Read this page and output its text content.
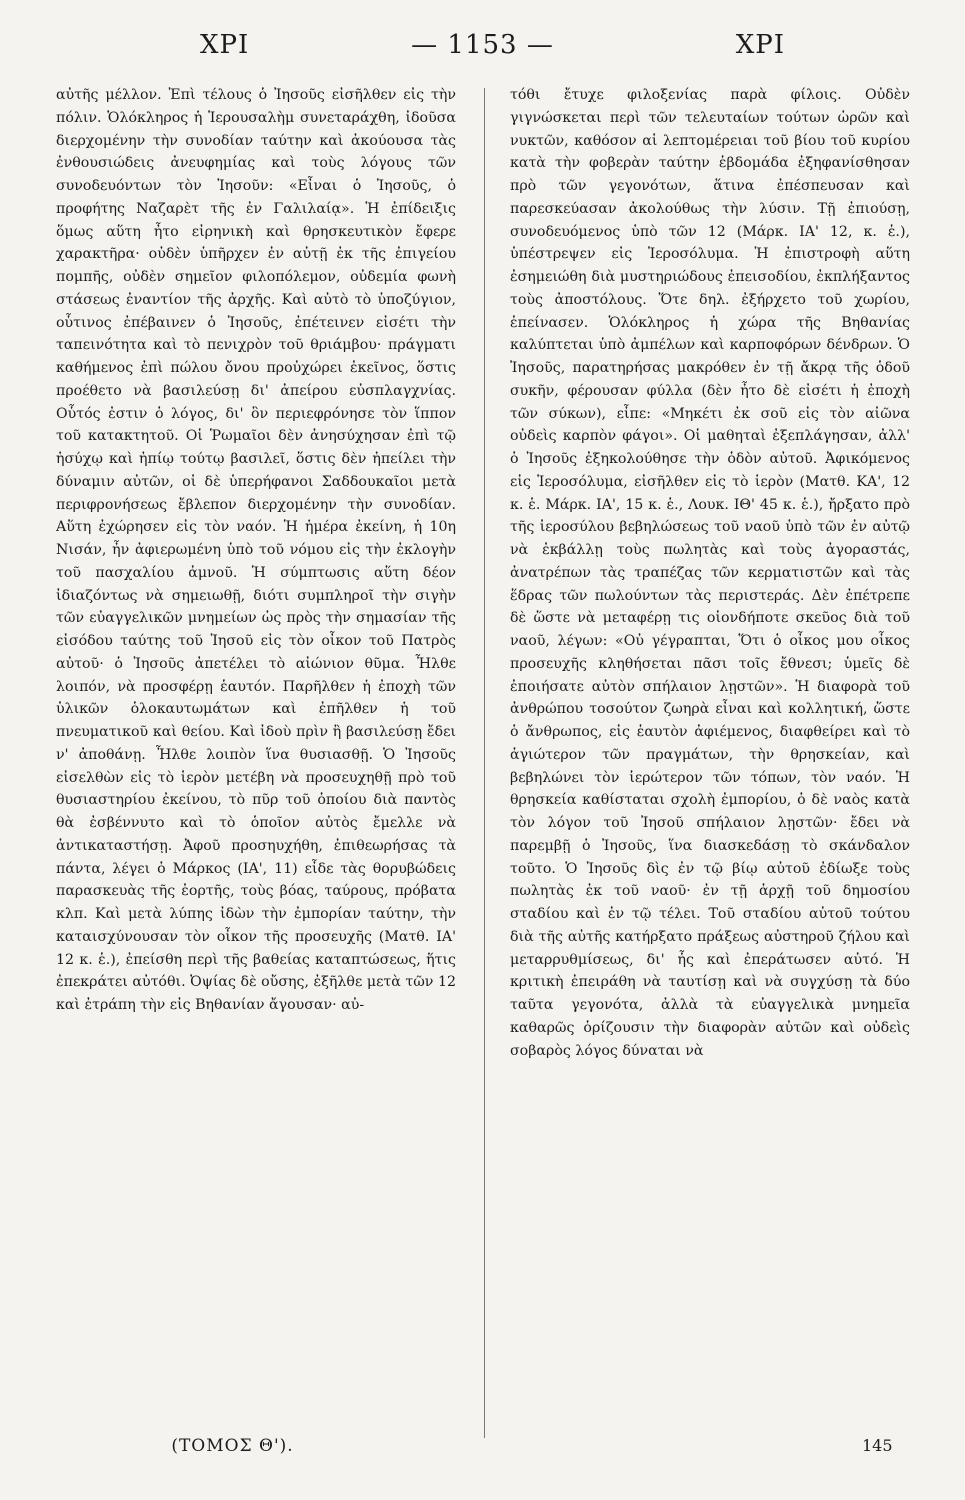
ΧΡΙ	— 1153 —	ΧΡΙ

αὐτῆς μέλλον. Ἐπὶ τέλους ὁ Ἰησοῦς εἰσῆλθεν εἰς τὴν πόλιν. Ὁλόκληρος ἡ Ἱερουσαλὴμ συνεταράχθη, ἰδοῦσα διερχομένην τὴν συνοδίαν ταύτην καὶ ἀκούουσα τὰς ἐνθουσιώδεις ἀνευφημίας καὶ τοὺς λόγους τῶν συνοδευόντων τὸν Ἰησοῦν: «Εἶναι ὁ Ἰησοῦς, ὁ προφήτης Ναζαρὲτ τῆς ἐν Γαλιλαίᾳ». Ἡ ἐπίδειξις ὅμως αὕτη ἦτο εἰρηνικὴ καὶ θρησκευτικὸν ἔφερε χαρακτῆρα· οὐδὲν ὑπῆρχεν ἐν αὐτῇ ἐκ τῆς ἐπιγείου πομπῆς, οὐδὲν σημεῖον φιλοπόλεμον, οὐδεμία φωνὴ στάσεως ἐναντίον τῆς ἀρχῆς. Καὶ αὐτὸ τὸ ὑποζύγιον, οὗτινος ἐπέβαινεν ὁ Ἰησοῦς, ἐπέτεινεν εἰσέτι τὴν ταπεινότητα καὶ τὸ πενιχρὸν τοῦ θριάμβου· πράγματι καθήμενος ἐπὶ πώλου ὄνου προὐχώρει ἐκεῖνος, ὅστις προέθετο νὰ βασιλεύσῃ δι' ἀπείρου εὐσπλαγχνίας. Οὗτός ἐστιν ὁ λόγος, δι' ὃν περιεφρόνησε τὸν ἵππον τοῦ κατακτητοῦ. Οἱ Ῥωμαῖοι δὲν ἀνησύχησαν ἐπὶ τῷ ἡσύχῳ καὶ ἠπίῳ τούτῳ βασιλεῖ, ὅστις δὲν ἠπείλει τὴν δύναμιν αὐτῶν, οἱ δὲ ὑπερήφανοι Σαδδουκαῖοι μετὰ περιφρονήσεως ἔβλεπον διερχομένην τὴν συνοδίαν. Αὕτη ἐχώρησεν εἰς τὸν ναόν. Ἡ ἡμέρα ἐκείνη, ἡ 10η Νισάν, ἦν ἀφιερωμένη ὑπὸ τοῦ νόμου εἰς τὴν ἐκλογὴν τοῦ πασχαλίου ἀμνοῦ. Ἡ σύμπτωσις αὕτη δέον ἰδιαζόντως νὰ σημειωθῇ, διότι συμπληροῖ τὴν σιγὴν τῶν εὐαγγελικῶν μνημείων ὡς πρὸς τὴν σημασίαν τῆς εἰσόδου ταύτης τοῦ Ἰησοῦ εἰς τὸν οἶκον τοῦ Πατρὸς αὐτοῦ· ὁ Ἰησοῦς ἀπετέλει τὸ αἰώνιον θῦμα. Ἦλθε λοιπόν, νὰ προσφέρῃ ἑαυτόν. Παρῆλθεν ἡ ἐποχὴ τῶν ὑλικῶν ὁλοκαυτωμάτων καὶ ἐπῆλθεν ἡ τοῦ πνευματικοῦ καὶ θείου. Καὶ ἰδοὺ πρὶν ἢ βασιλεύσῃ ἔδει ν' ἀποθάνῃ. Ἦλθε λοιπὸν ἵνα θυσιασθῇ. Ὁ Ἰησοῦς εἰσελθὼν εἰς τὸ ἱερὸν μετέβη νὰ προσευχηθῇ πρὸ τοῦ θυσιαστηρίου ἐκείνου, τὸ πῦρ τοῦ ὁποίου διὰ παντὸς θὰ ἐσβέννυτο καὶ τὸ ὁποῖον αὐτὸς ἔμελλε νὰ ἀντικαταστήσῃ. Ἀφοῦ προσηυχήθη, ἐπιθεωρήσας τὰ πάντα, λέγει ὁ Μάρκος (ΙΑ', 11) εἶδε τὰς θορυβώδεις παρασκευὰς τῆς ἑορτῆς, τοὺς βόας, ταύρους, πρόβατα κλπ. Καὶ μετὰ λύπης ἰδὼν τὴν ἐμπορίαν ταύτην, τὴν καταισχύνουσαν τὸν οἶκον τῆς προσευχῆς (Ματθ. ΙΑ' 12 κ. ἑ.), ἐπείσθη περὶ τῆς βαθείας καταπτώσεως, ἥτις ἐπεκράτει αὐτόθι. Ὀψίας δὲ οὔσης, ἐξῆλθε μετὰ τῶν 12 καὶ ἐτράπη τὴν εἰς Βηθανίαν ἄγουσαν· αὐ-

τόθι ἔτυχε φιλοξενίας παρὰ φίλοις. Οὐδὲν γιγνώσκεται περὶ τῶν τελευταίων τούτων ὡρῶν καὶ νυκτῶν, καθόσον αἱ λεπτομέρειαι τοῦ βίου τοῦ κυρίου κατὰ τὴν φοβερὰν ταύτην ἑβδομάδα ἐξηφανίσθησαν πρὸ τῶν γεγονότων, ἅτινα ἐπέσπευσαν καὶ παρεσκεύασαν ἀκολούθως τὴν λύσιν. Τῇ ἐπιούσῃ, συνοδευόμενος ὑπὸ τῶν 12 (Μάρκ. ΙΑ' 12, κ. ἑ.), ὑπέστρεψεν εἰς Ἱεροσόλυμα. Ἡ ἐπιστροφὴ αὕτη ἐσημειώθη διὰ μυστηριώδους ἐπεισοδίου, ἐκπλήξαντος τοὺς ἀποστόλους. Ὅτε δηλ. ἐξήρχετο τοῦ χωρίου, ἐπείνασεν. Ὁλόκληρος ἡ χώρα τῆς Βηθανίας καλύπτεται ὑπὸ ἀμπέλων καὶ καρποφόρων δένδρων. Ὁ Ἰησοῦς, παρατηρήσας μακρόθεν ἐν τῇ ἄκρᾳ τῆς ὁδοῦ συκῆν, φέρουσαν φύλλα (δὲν ἦτο δὲ εἰσέτι ἡ ἐποχὴ τῶν σύκων), εἶπε: «Μηκέτι ἐκ σοῦ εἰς τὸν αἰῶνα οὐδεὶς καρπὸν φάγοι». Οἱ μαθηταὶ ἐξεπλάγησαν, ἀλλ' ὁ Ἰησοῦς ἐξηκολούθησε τὴν ὁδὸν αὐτοῦ. Ἀφικόμενος εἰς Ἱεροσόλυμα, εἰσῆλθεν εἰς τὸ ἱερὸν (Ματθ. ΚΑ', 12 κ. ἑ. Μάρκ. ΙΑ', 15 κ. ἑ., Λουκ. ΙΘ' 45 κ. ἑ.), ἤρξατο πρὸ τῆς ἱεροσύλου βεβηλώσεως τοῦ ναοῦ ὑπὸ τῶν ἐν αὐτῷ νὰ ἐκβάλλῃ τοὺς πωλητὰς καὶ τοὺς ἀγοραστάς, ἀνατρέπων τὰς τραπέζας τῶν κερματιστῶν καὶ τὰς ἕδρας τῶν πωλούντων τὰς περιστεράς. Δὲν ἐπέτρεπε δὲ ὥστε νὰ μεταφέρῃ τις οἱονδήποτε σκεῦος διὰ τοῦ ναοῦ, λέγων: «Οὐ γέγραπται, Ὅτι ὁ οἶκος μου οἶκος προσευχῆς κληθήσεται πᾶσι τοῖς ἔθνεσι; ὑμεῖς δὲ ἐποιήσατε αὐτὸν σπήλαιον λῃστῶν». Ἡ διαφορὰ τοῦ ἀνθρώπου τοσούτον ζωηρὰ εἶναι καὶ κολλητική, ὥστε ὁ ἄνθρωπος, εἰς ἑαυτὸν ἀφιέμενος, διαφθείρει καὶ τὸ ἁγιώτερον τῶν πραγμάτων, τὴν θρησκείαν, καὶ βεβηλώνει τὸν ἱερώτερον τῶν τόπων, τὸν ναόν. Ἡ θρησκεία καθίσταται σχολὴ ἐμπορίου, ὁ δὲ ναὸς κατὰ τὸν λόγον τοῦ Ἰησοῦ σπήλαιον λῃστῶν· ἔδει νὰ παρεμβῇ ὁ Ἰησοῦς, ἵνα διασκεδάσῃ τὸ σκάνδαλον τοῦτο. Ὁ Ἰησοῦς δὶς ἐν τῷ βίῳ αὐτοῦ ἐδίωξε τοὺς πωλητὰς ἐκ τοῦ ναοῦ· ἐν τῇ ἀρχῇ τοῦ δημοσίου σταδίου καὶ ἐν τῷ τέλει. Τοῦ σταδίου αὐτοῦ τούτου διὰ τῆς αὐτῆς κατήρξατο πράξεως αὐστηροῦ ζήλου καὶ μεταρρυθμίσεως, δι' ἧς καὶ ἐπεράτωσεν αὐτό. Ἡ κριτικὴ ἐπειράθη νὰ ταυτίσῃ καὶ νὰ συγχύσῃ τὰ δύο ταῦτα γεγονότα, ἀλλὰ τὰ εὐαγγελικὰ μνημεῖα καθαρῶς ὁρίζουσιν τὴν διαφορὰν αὐτῶν καὶ οὐδεὶς σοβαρὸς λόγος δύναται νὰ

(ΤΟΜΟΣ Θ').	145
